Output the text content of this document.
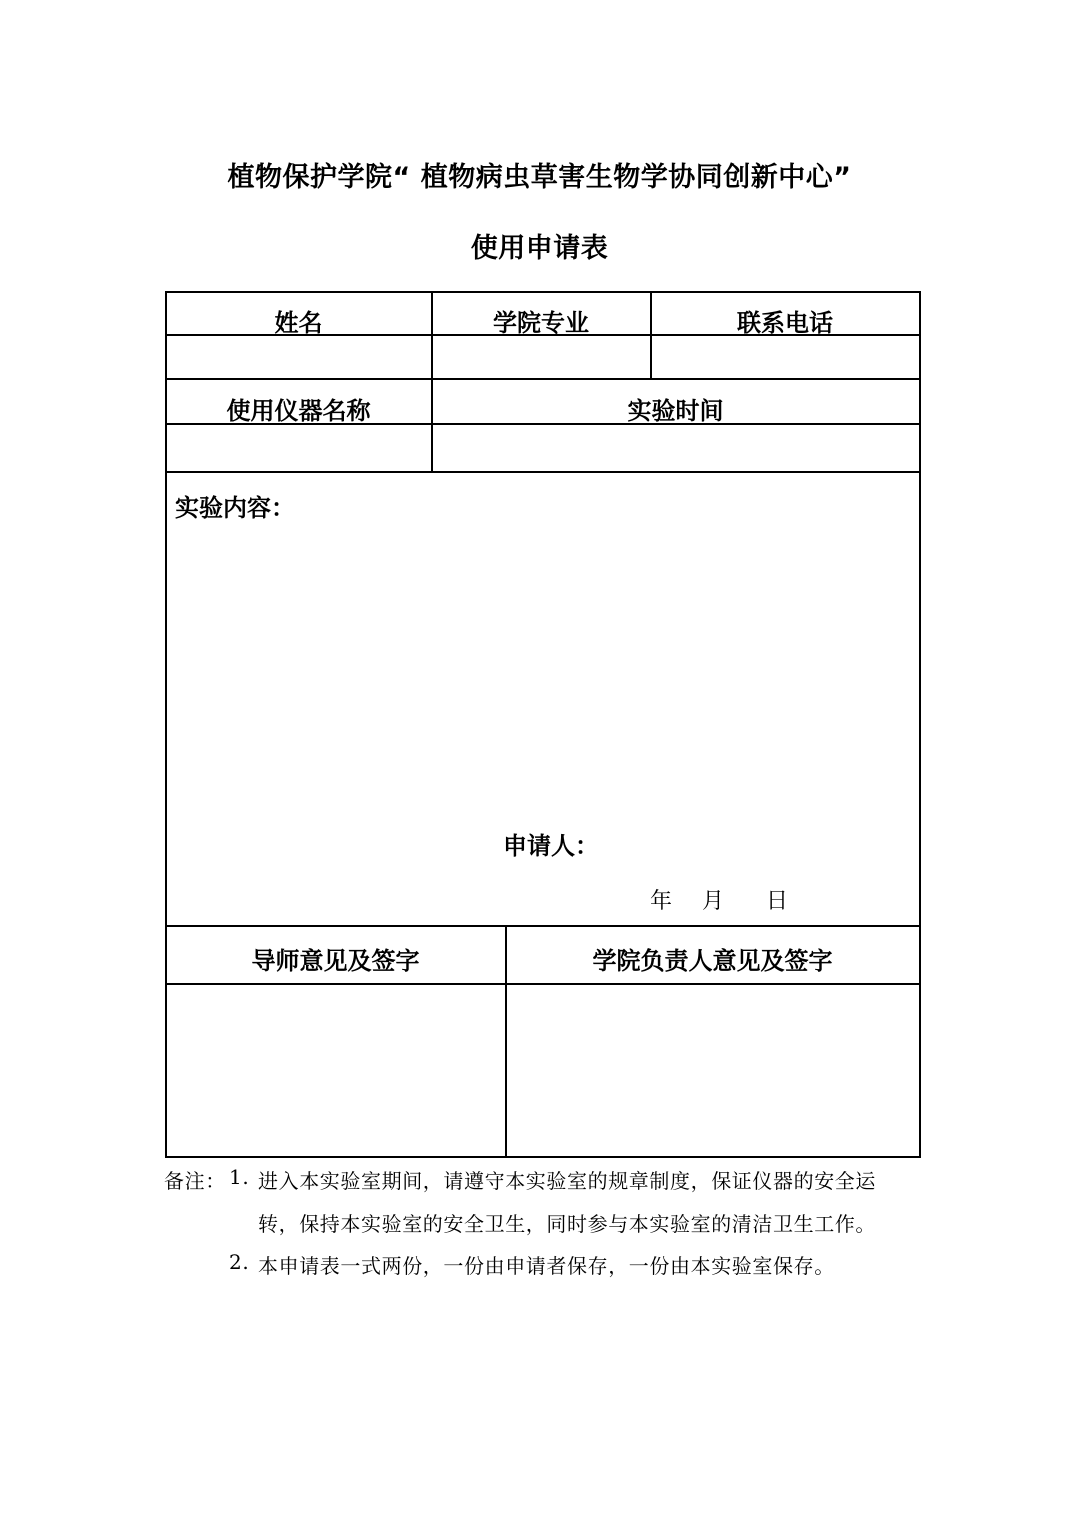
植物保护学院“ 植物病虫草害生物学协同创新中心”
使用申请表
姓名	学院专业	联系电话
使用仪器名称	实验时间
实验内容：
申请人：
年 月 日
导师意见及签字	学院负责人意见及签字
备注： 1. 进入本实验室期间，请遵守本实验室的规章制度，保证仪器的安全运
转，保持本实验室的安全卫生，同时参与本实验室的清洁卫生工作。
2. 本申请表一式两份，一份由申请者保存，一份由本实验室保存。
